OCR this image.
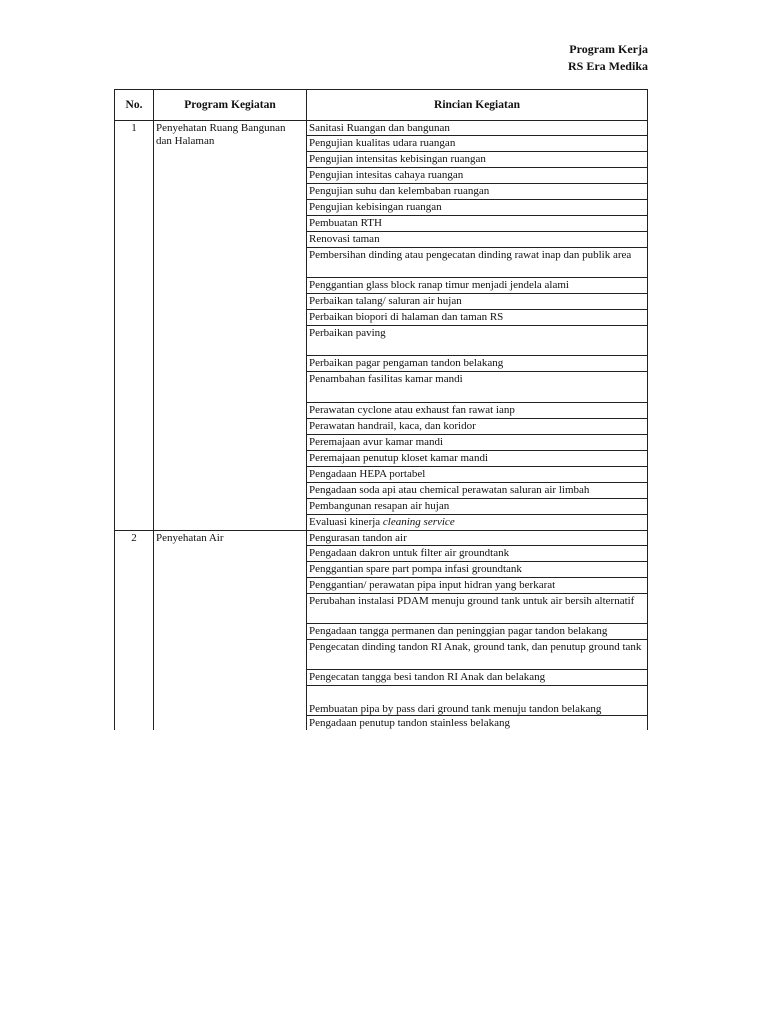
Program Kerja
RS Era Medika
No.	Program Kegiatan	Rincian Kegiatan
1	Penyehatan Ruang Bangunan dan Halaman	Sanitasi Ruangan dan bangunan
		Pengujian kualitas udara ruangan
		Pengujian intensitas kebisingan ruangan
		Pengujian intesitas cahaya ruangan
		Pengujian suhu dan kelembaban ruangan
		Pengujian kebisingan ruangan
		Pembuatan RTH
		Renovasi taman
		Pembersihan dinding atau pengecatan dinding rawat inap dan publik area
		Penggantian glass block ranap timur menjadi jendela alami
		Perbaikan talang/ saluran air hujan
		Perbaikan biopori di halaman dan taman RS
		Perbaikan paving
		Perbaikan pagar pengaman tandon belakang
		Penambahan fasilitas kamar mandi
		Perawatan cyclone atau exhaust fan rawat ianp
		Perawatan handrail, kaca, dan koridor
		Peremajaan avur kamar mandi
		Peremajaan penutup kloset kamar mandi
		Pengadaan HEPA portabel
		Pengadaan soda api atau chemical perawatan saluran air limbah
		Pembangunan resapan air hujan
		Evaluasi kinerja cleaning service
2	Penyehatan Air	Pengurasan tandon air
		Pengadaan dakron untuk filter air groundtank
		Penggantian spare part pompa infasi groundtank
		Penggantian/ perawatan pipa input hidran yang berkarat
		Perubahan instalasi PDAM menuju ground tank untuk air bersih alternatif
		Pengadaan tangga permanen dan peninggian pagar tandon belakang
		Pengecatan dinding tandon RI Anak, ground tank, dan penutup ground tank
		Pengecatan tangga besi tandon RI Anak dan belakang
		Pembuatan pipa by pass dari ground tank menuju tandon belakang
		Pengadaan penutup tandon stainless belakang
